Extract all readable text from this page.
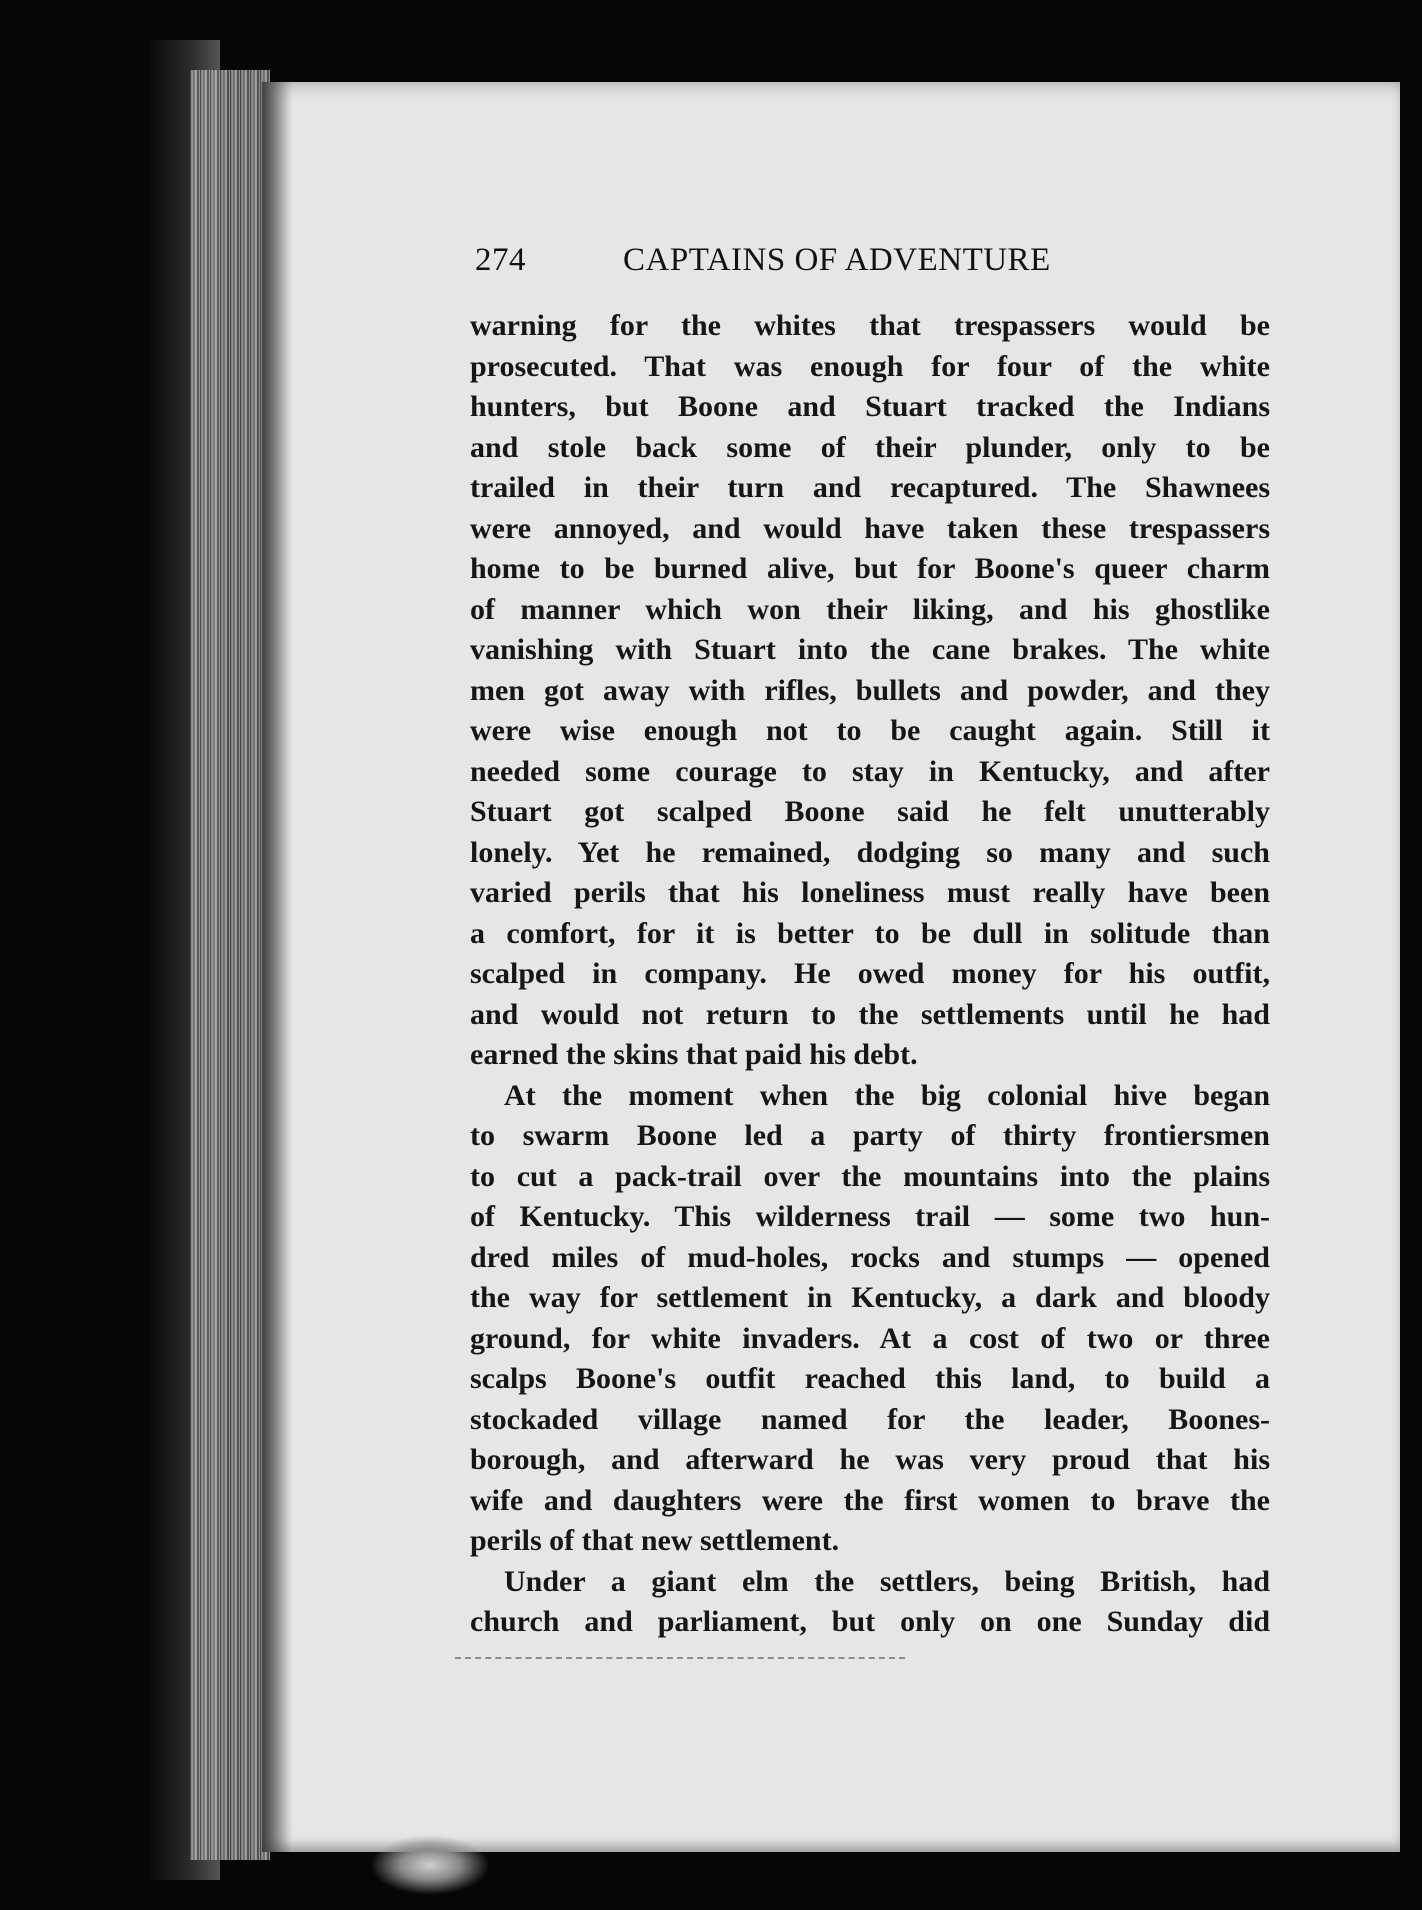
274	CAPTAINS OF ADVENTURE
warning for the whites that trespassers would be
prosecuted. That was enough for four of the white
hunters, but Boone and Stuart tracked the Indians
and stole back some of their plunder, only to be
trailed in their turn and recaptured. The Shawnees
were annoyed, and would have taken these trespassers
home to be burned alive, but for Boone's queer charm
of manner which won their liking, and his ghostlike
vanishing with Stuart into the cane brakes. The white
men got away with rifles, bullets and powder, and they
were wise enough not to be caught again. Still it
needed some courage to stay in Kentucky, and after
Stuart got scalped Boone said he felt unutterably
lonely. Yet he remained, dodging so many and such
varied perils that his loneliness must really have been
a comfort, for it is better to be dull in solitude than
scalped in company. He owed money for his outfit,
and would not return to the settlements until he had
earned the skins that paid his debt.
At the moment when the big colonial hive began
to swarm Boone led a party of thirty frontiersmen
to cut a pack-trail over the mountains into the plains
of Kentucky. This wilderness trail — some two hun-
dred miles of mud-holes, rocks and stumps — opened
the way for settlement in Kentucky, a dark and bloody
ground, for white invaders. At a cost of two or three
scalps Boone's outfit reached this land, to build a
stockaded village named for the leader, Boones-
borough, and afterward he was very proud that his
wife and daughters were the first women to brave the
perils of that new settlement.
Under a giant elm the settlers, being British, had
church and parliament, but only on one Sunday did
